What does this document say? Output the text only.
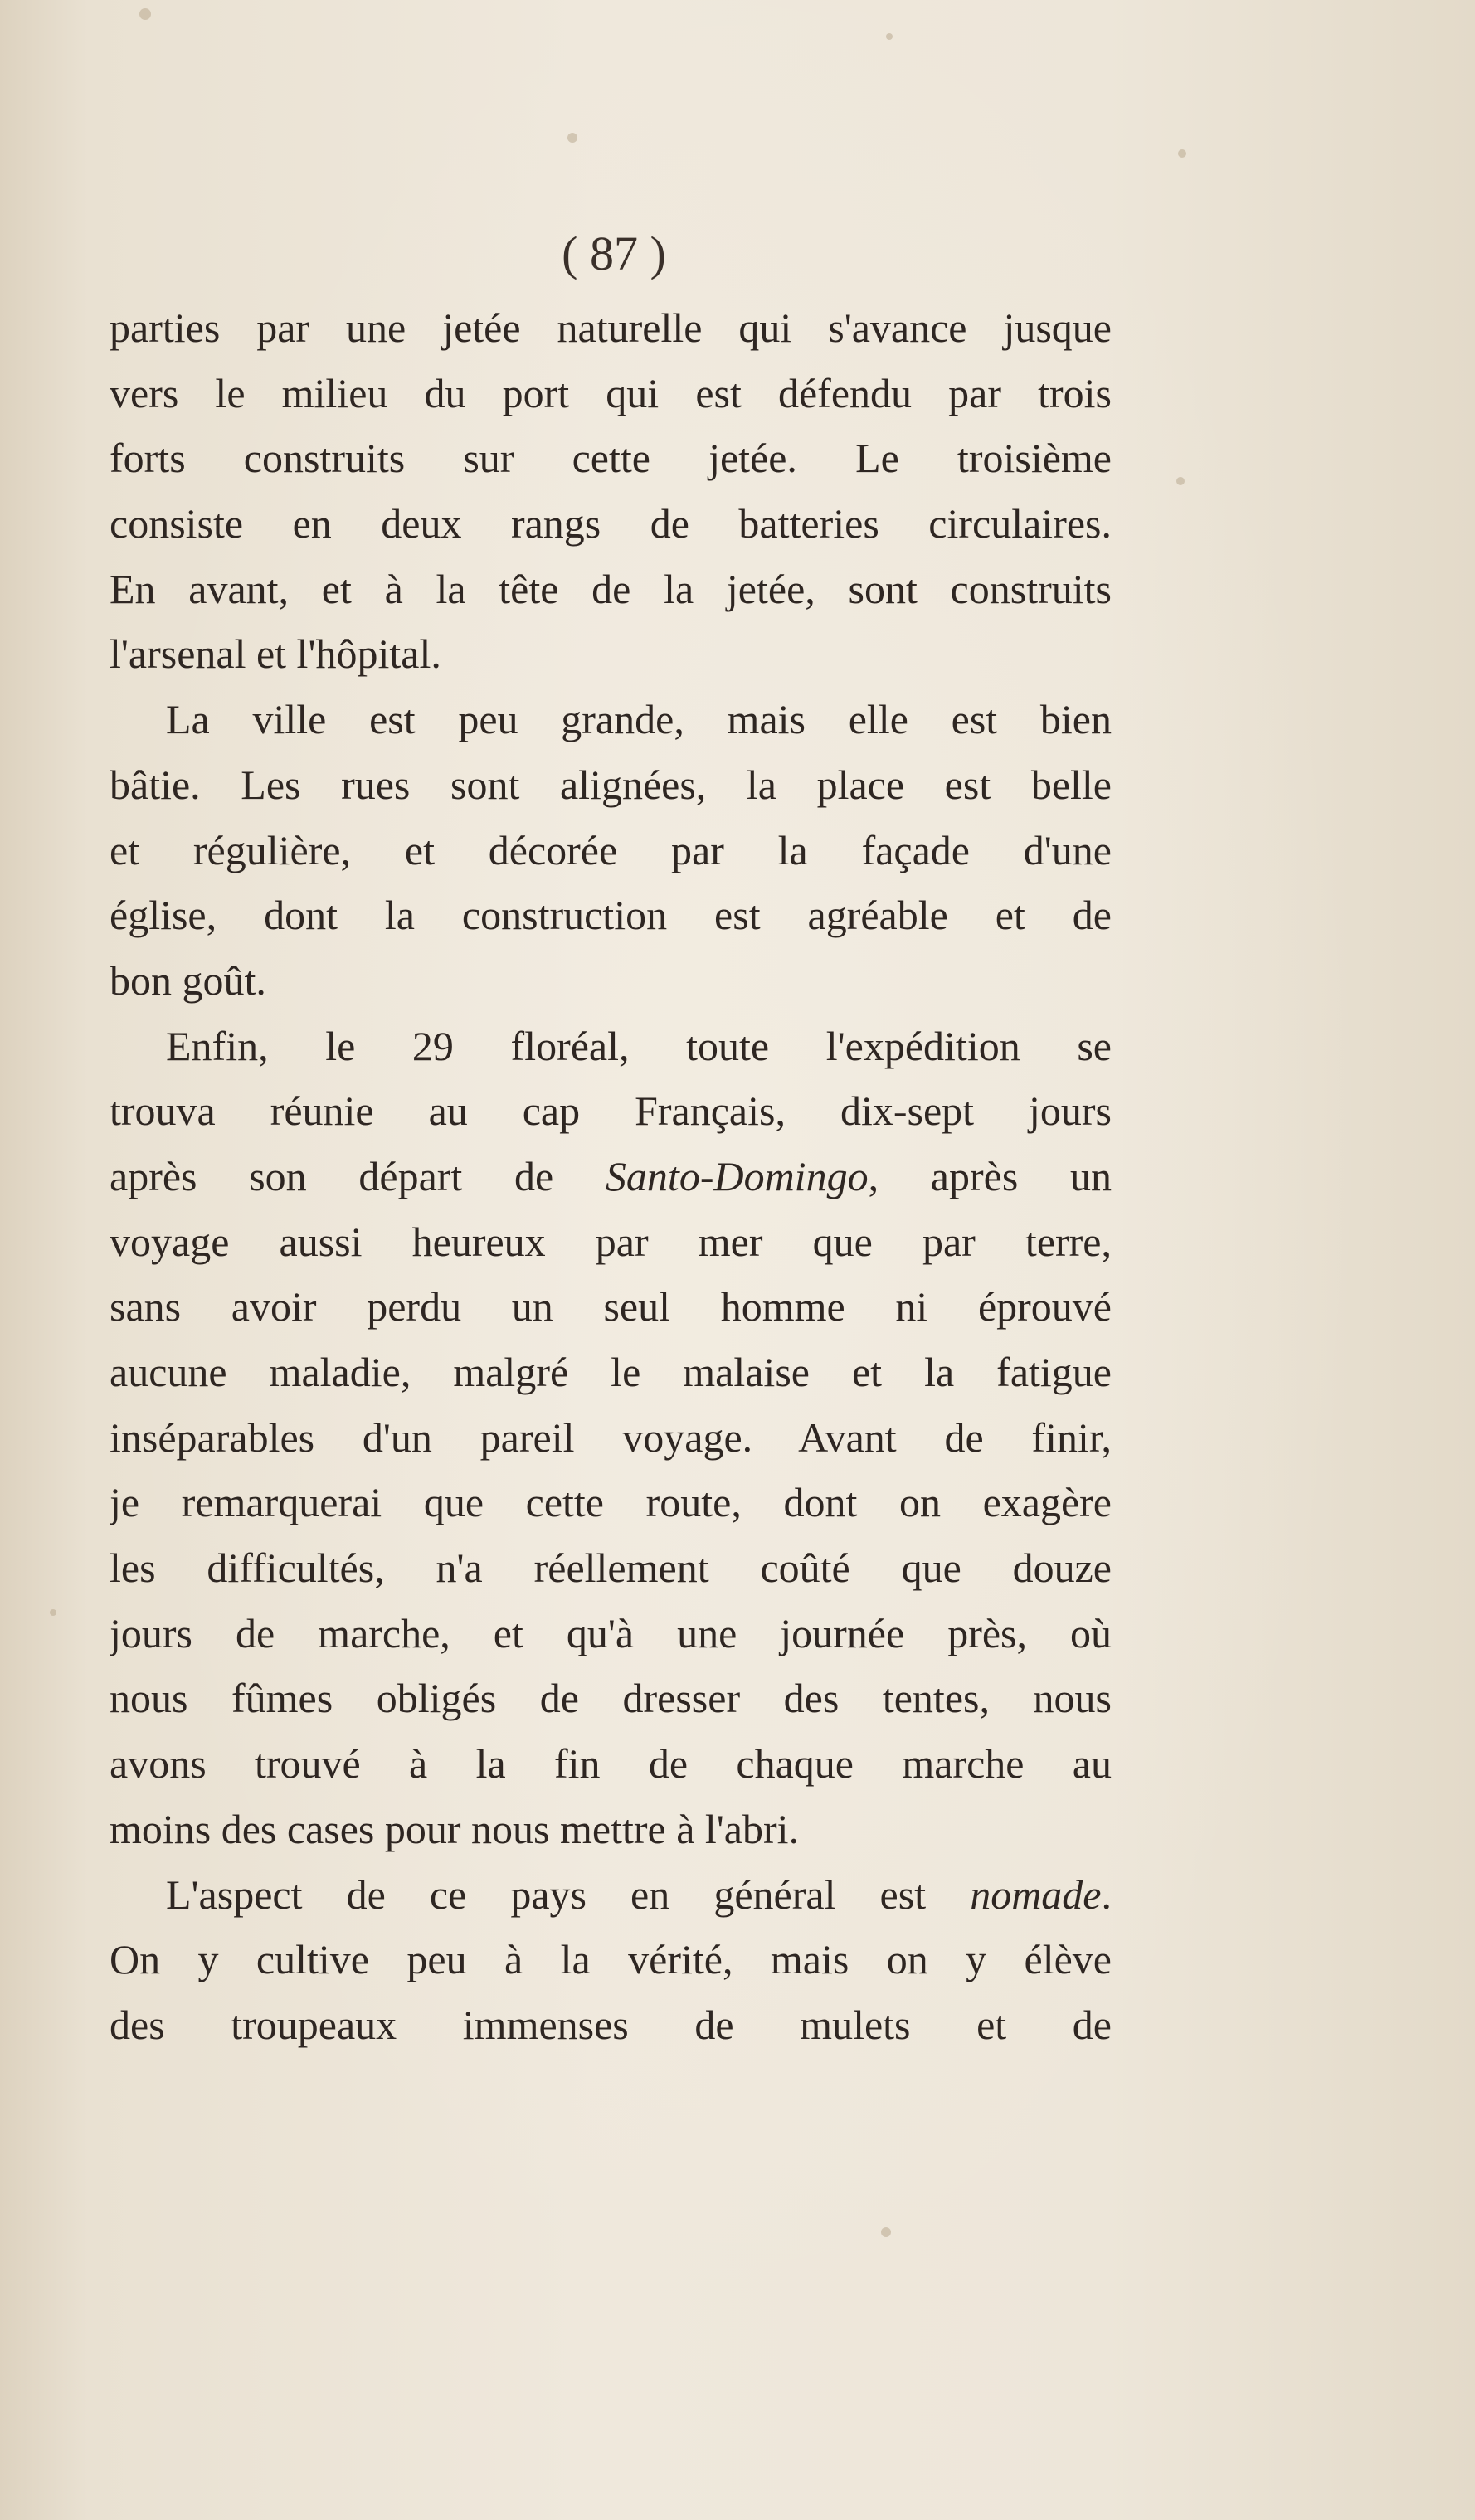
( 87 )
parties par une jetée naturelle qui s'avance jusque
vers le milieu du port qui est défendu par trois
forts construits sur cette jetée. Le troisième
consiste en deux rangs de batteries circulaires.
En avant, et à la tête de la jetée, sont construits
l'arsenal et l'hôpital.
La ville est peu grande, mais elle est bien
bâtie. Les rues sont alignées, la place est belle
et régulière, et décorée par la façade d'une
église, dont la construction est agréable et de
bon goût.
Enfin, le 29 floréal, toute l'expédition se
trouva réunie au cap Français, dix-sept jours
après son départ de Santo-Domingo, après un
voyage aussi heureux par mer que par terre,
sans avoir perdu un seul homme ni éprouvé
aucune maladie, malgré le malaise et la fatigue
inséparables d'un pareil voyage. Avant de finir,
je remarquerai que cette route, dont on exagère
les difficultés, n'a réellement coûté que douze
jours de marche, et qu'à une journée près, où
nous fûmes obligés de dresser des tentes, nous
avons trouvé à la fin de chaque marche au
moins des cases pour nous mettre à l'abri.
L'aspect de ce pays en général est nomade.
On y cultive peu à la vérité, mais on y élève
des troupeaux immenses de mulets et de
